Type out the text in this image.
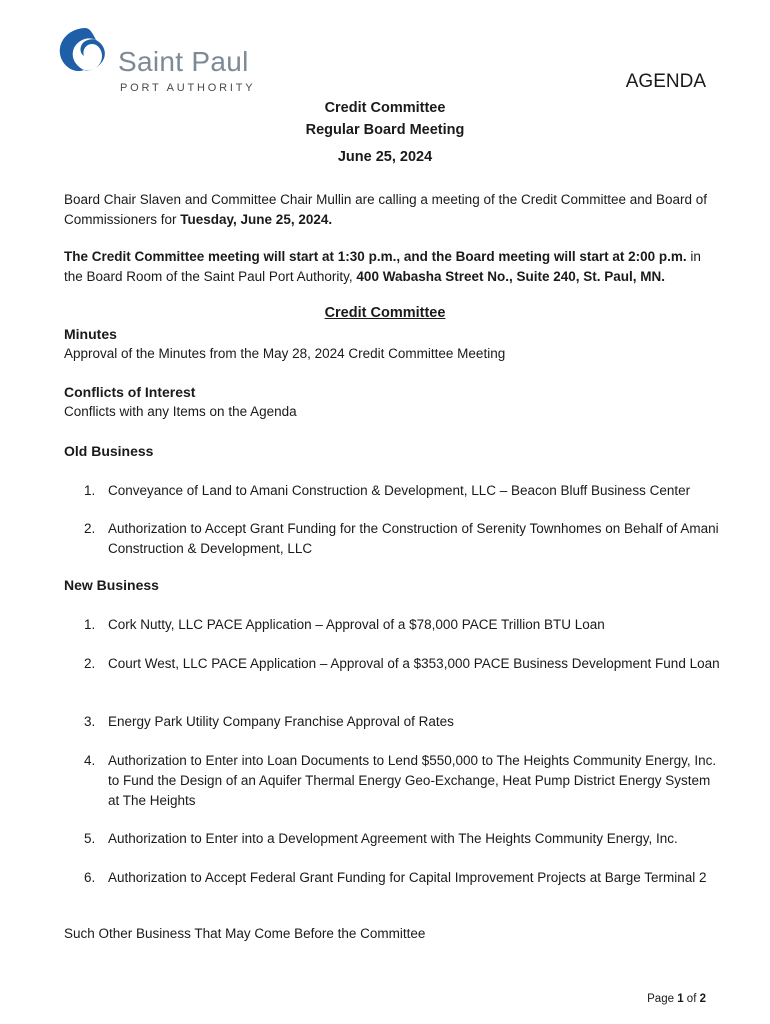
Saint Paul
PORT AUTHORITY	AGENDA
Credit Committee
Regular Board Meeting
June 25, 2024
Board Chair Slaven and Committee Chair Mullin are calling a meeting of the Credit Committee and Board of Commissioners for Tuesday, June 25, 2024.
The Credit Committee meeting will start at 1:30 p.m., and the Board meeting will start at 2:00 p.m. in the Board Room of the Saint Paul Port Authority, 400 Wabasha Street No., Suite 240, St. Paul, MN.
Credit Committee
Minutes
Approval of the Minutes from the May 28, 2024 Credit Committee Meeting
Conflicts of Interest
Conflicts with any Items on the Agenda
Old Business
1. Conveyance of Land to Amani Construction & Development, LLC – Beacon Bluff Business Center
2. Authorization to Accept Grant Funding for the Construction of Serenity Townhomes on Behalf of Amani Construction & Development, LLC
New Business
1. Cork Nutty, LLC PACE Application – Approval of a $78,000 PACE Trillion BTU Loan
2. Court West, LLC PACE Application – Approval of a $353,000 PACE Business Development Fund Loan
3. Energy Park Utility Company Franchise Approval of Rates
4. Authorization to Enter into Loan Documents to Lend $550,000 to The Heights Community Energy, Inc. to Fund the Design of an Aquifer Thermal Energy Geo-Exchange, Heat Pump District Energy System at The Heights
5. Authorization to Enter into a Development Agreement with The Heights Community Energy, Inc.
6. Authorization to Accept Federal Grant Funding for Capital Improvement Projects at Barge Terminal 2
Such Other Business That May Come Before the Committee
Page 1 of 2
